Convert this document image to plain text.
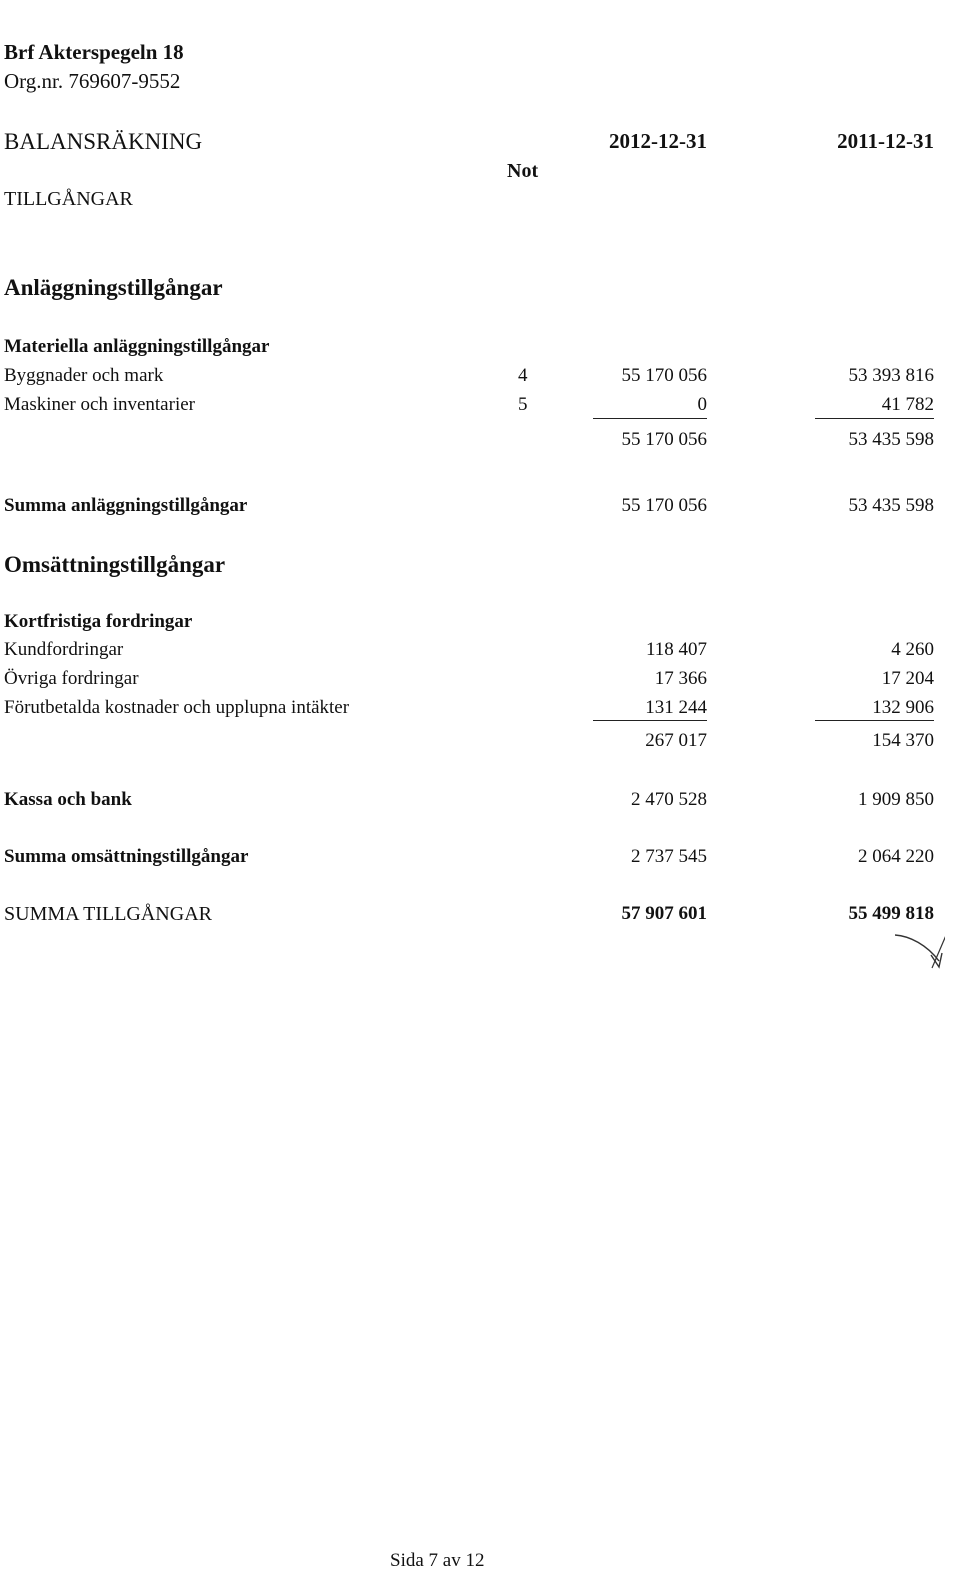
Brf Akterspegeln 18
Org.nr. 769607-9552
BALANSRÄKNING	2012-12-31	2011-12-31
Not
TILLGÅNGAR
Anläggningstillgångar
Materiella anläggningstillgångar
Byggnader och mark	4	55 170 056	53 393 816
Maskiner och inventarier	5	0	41 782
55 170 056	53 435 598
Summa anläggningstillgångar	55 170 056	53 435 598
Omsättningstillgångar
Kortfristiga fordringar
Kundfordringar	118 407	4 260
Övriga fordringar	17 366	17 204
Förutbetalda kostnader och upplupna intäkter	131 244	132 906
267 017	154 370
Kassa och bank	2 470 528	1 909 850
Summa omsättningstillgångar	2 737 545	2 064 220
SUMMA TILLGÅNGAR	57 907 601	55 499 818
Sida 7 av 12
